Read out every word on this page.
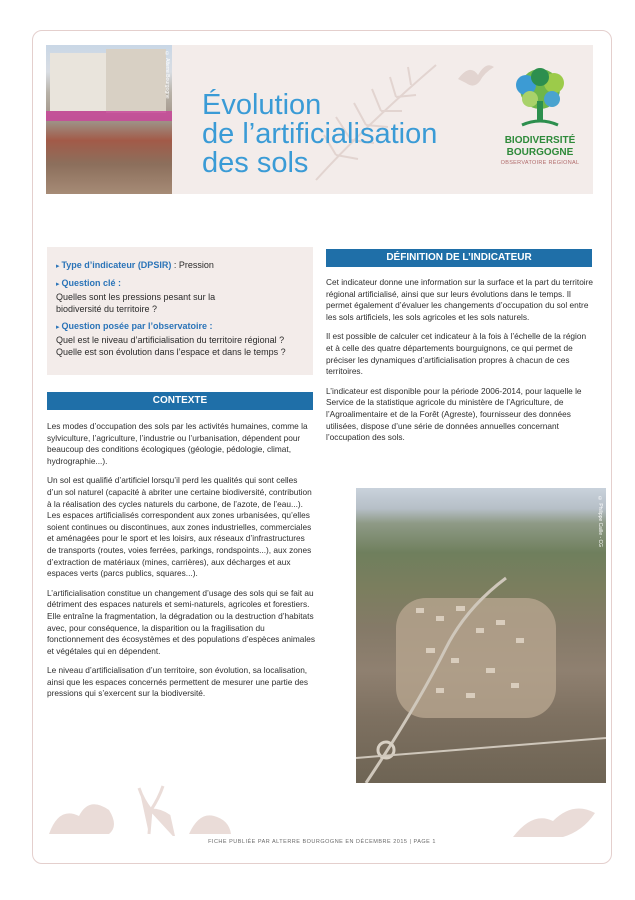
© Alterre Bourgogne
Évolution
de l’artificialisation
des sols
BIODIVERSITÉ
BOURGOGNE
OBSERVATOIRE RÉGIONAL
▸ Type d’indicateur (DPSIR) : Pression
▸ Question clé :
Quelles sont les pressions pesant sur la biodiversité du territoire ?
▸ Question posée par l’observatoire :
Quel est le niveau d’artificialisation du territoire régional ? Quelle est son évolution dans l’espace et dans le temps ?
CONTEXTE

Les modes d’occupation des sols par les activités humaines, comme la sylviculture, l’agriculture, l’industrie ou l’urbanisation, dépendent pour beaucoup des conditions écologiques (géologie, pédologie, climat, hydrographie...).

Un sol est qualifié d’artificiel lorsqu’il perd les qualités qui sont celles d’un sol naturel (capacité à abriter une certaine biodiversité, contribution à la réalisation des cycles naturels du carbone, de l’azote, de l’eau...). Les espaces artificialisés correspondent aux zones urbanisées, qu’elles soient continues ou discontinues, aux zones industrielles, commerciales et aménagées pour le sport et les loisirs, aux réseaux d’infrastructures de transports (routes, voies ferrées, parkings, rondspoints...), aux zones d’extraction de matériaux (mines, carrières), aux décharges et aux espaces verts (parcs publics, squares...).

L’artificialisation constitue un changement d’usage des sols qui se fait au détriment des espaces naturels et semi-naturels, agricoles et forestiers. Elle entraîne la fragmentation, la dégradation ou la destruction d’habitats avec, pour conséquence, la disparition ou la fragilisation du fonctionnement des écosystèmes et des populations d’espèces animales et végétales qui en dépendent.

Le niveau d’artificialisation d’un territoire, son évolution, sa localisation, ainsi que les espaces concernés permettent de mesurer une partie des pressions qui s’exercent sur la biodiversité.

DÉFINITION DE L’INDICATEUR

Cet indicateur donne une information sur la surface et la part du territoire régional artificialisé, ainsi que sur leurs évolutions dans le temps. Il permet également d’évaluer les changements d’occupation du sol entre les sols artificiels, les sols agricoles et les sols naturels.

Il est possible de calculer cet indicateur à la fois à l’échelle de la région et à celle des quatre départements bourguignons, ce qui permet de préciser les dynamiques d’artificialisation propres à chacun de ces territoires.

L’indicateur est disponible pour la période 2006-2014, pour laquelle le Service de la statistique agricole du ministère de l’Agriculture, de l’Agroalimentaire et de la Forêt (Agreste), fournisseur des données utilisées, dispose d’une série de données annuelles concernant l’occupation des sols.

© Philippe Caille - CG
FICHE PUBLIÉE PAR ALTERRE BOURGOGNE EN DÉCEMBRE 2015 | PAGE 1
